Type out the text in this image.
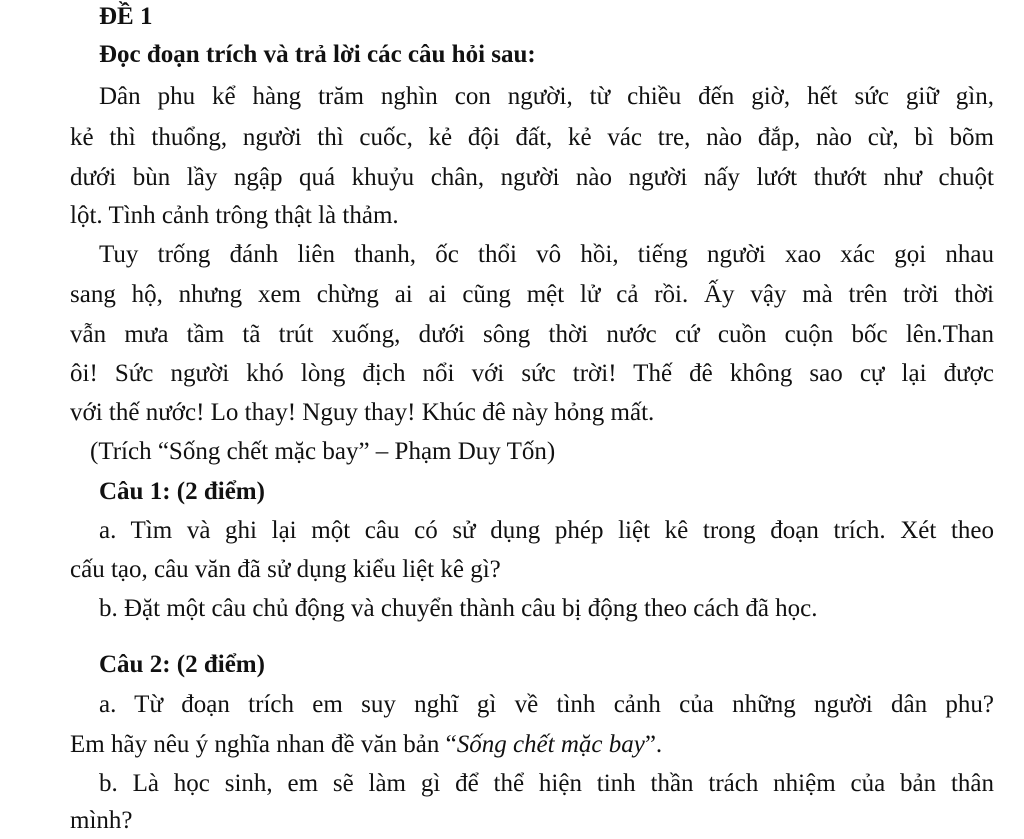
ĐỀ 1
Đọc đoạn trích và trả lời các câu hỏi sau:
Dân phu kể hàng trăm nghìn con người, từ chiều đến giờ, hết sức giữ gìn,
kẻ thì thuổng, người thì cuốc, kẻ đội đất, kẻ vác tre, nào đắp, nào cừ, bì bõm
dưới bùn lầy ngập quá khuỷu chân, người nào người nấy lướt thướt như chuột
lột. Tình cảnh trông thật là thảm.
Tuy trống đánh liên thanh, ốc thổi vô hồi, tiếng người xao xác gọi nhau
sang hộ, nhưng xem chừng ai ai cũng mệt lử cả rồi. Ấy vậy mà trên trời thời
vẫn mưa tầm tã trút xuống, dưới sông thời nước cứ cuồn cuộn bốc lên.Than
ôi! Sức người khó lòng địch nổi với sức trời! Thế đê không sao cự lại được
với thế nước! Lo thay! Nguy thay! Khúc đê này hỏng mất.
(Trích “Sống chết mặc bay” – Phạm Duy Tốn)
Câu 1: (2 điểm)
a. Tìm và ghi lại một câu có sử dụng phép liệt kê trong đoạn trích. Xét theo
cấu tạo, câu văn đã sử dụng kiểu liệt kê gì?
b. Đặt một câu chủ động và chuyển thành câu bị động theo cách đã học.
Câu 2: (2 điểm)
a. Từ đoạn trích em suy nghĩ gì về tình cảnh của những người dân phu?
Em hãy nêu ý nghĩa nhan đề văn bản “Sống chết mặc bay”.
b. Là học sinh, em sẽ làm gì để thể hiện tinh thần trách nhiệm của bản thân
mình?
